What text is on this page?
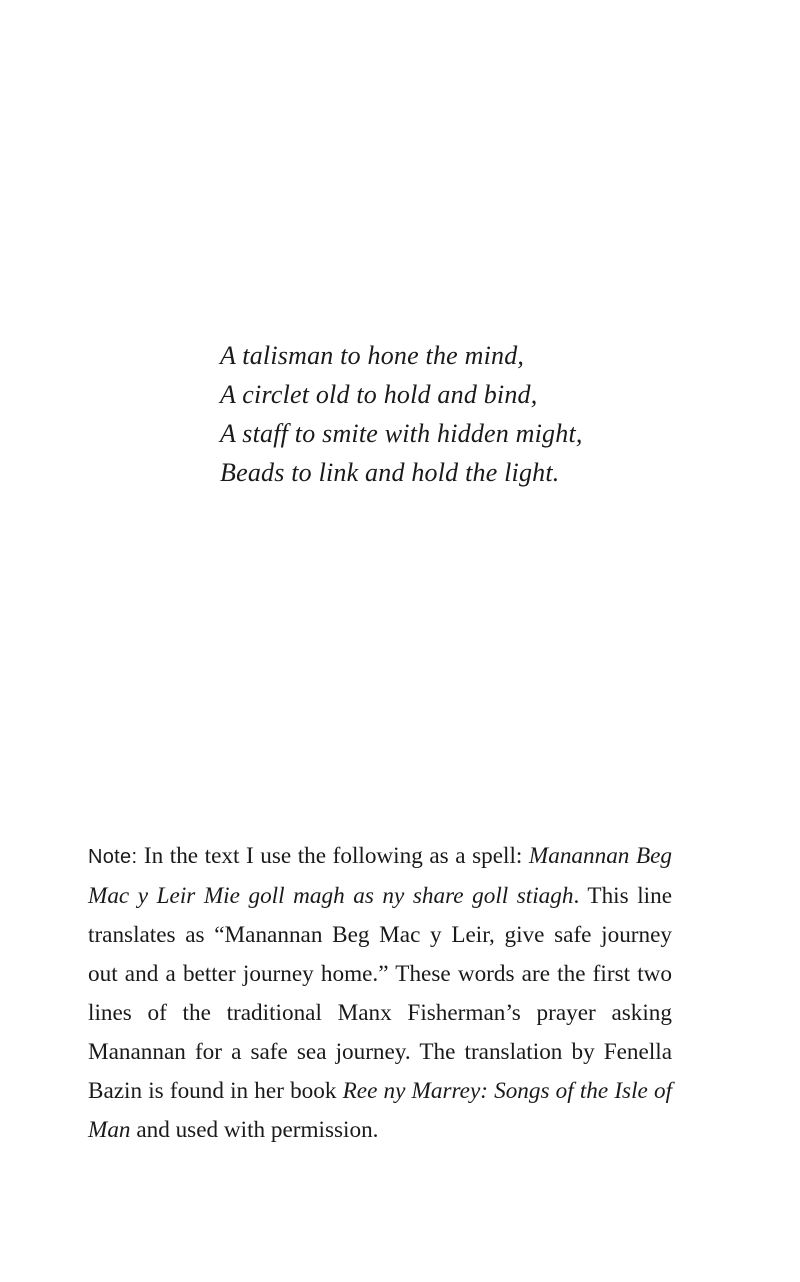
A talisman to hone the mind,
A circlet old to hold and bind,
A staff to smite with hidden might,
Beads to link and hold the light.

Note: In the text I use the following as a spell: Manannan Beg Mac y Leir Mie goll magh as ny share goll stiagh. This line translates as “Manannan Beg Mac y Leir, give safe journey out and a better journey home.” These words are the first two lines of the traditional Manx Fisherman’s prayer asking Manannan for a safe sea journey. The translation by Fenella Bazin is found in her book Ree ny Marrey: Songs of the Isle of Man and used with permission.
